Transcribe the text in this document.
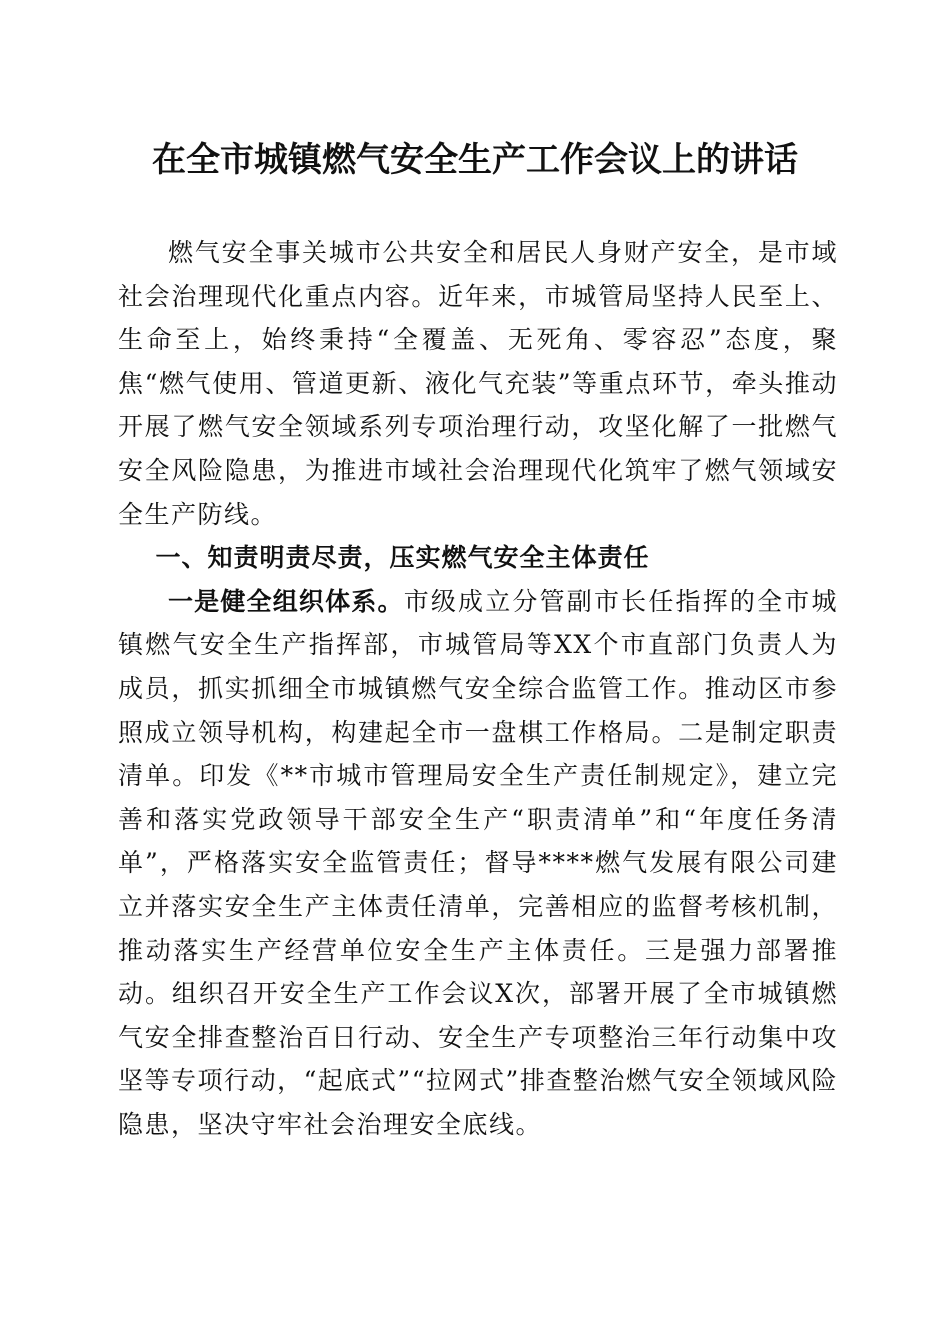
在全市城镇燃气安全生产工作会议上的讲话

燃气安全事关城市公共安全和居民人身财产安全，是市域社会治理现代化重点内容。近年来，市城管局坚持人民至上、生命至上，始终秉持“全覆盖、无死角、零容忍”态度，聚焦“燃气使用、管道更新、液化气充装”等重点环节，牵头推动开展了燃气安全领域系列专项治理行动，攻坚化解了一批燃气安全风险隐患，为推进市域社会治理现代化筑牢了燃气领域安全生产防线。

一、知责明责尽责，压实燃气安全主体责任

一是健全组织体系。市级成立分管副市长任指挥的全市城镇燃气安全生产指挥部，市城管局等XX个市直部门负责人为成员，抓实抓细全市城镇燃气安全综合监管工作。推动区市参照成立领导机构，构建起全市一盘棋工作格局。二是制定职责清单。印发《**市城市管理局安全生产责任制规定》，建立完善和落实党政领导干部安全生产“职责清单”和“年度任务清单”，严格落实安全监管责任；督导****燃气发展有限公司建立并落实安全生产主体责任清单，完善相应的监督考核机制，推动落实生产经营单位安全生产主体责任。三是强力部署推动。组织召开安全生产工作会议X次，部署开展了全市城镇燃气安全排查整治百日行动、安全生产专项整治三年行动集中攻坚等专项行动，“起底式”“拉网式”排查整治燃气安全领域风险隐患，坚决守牢社会治理安全底线。
